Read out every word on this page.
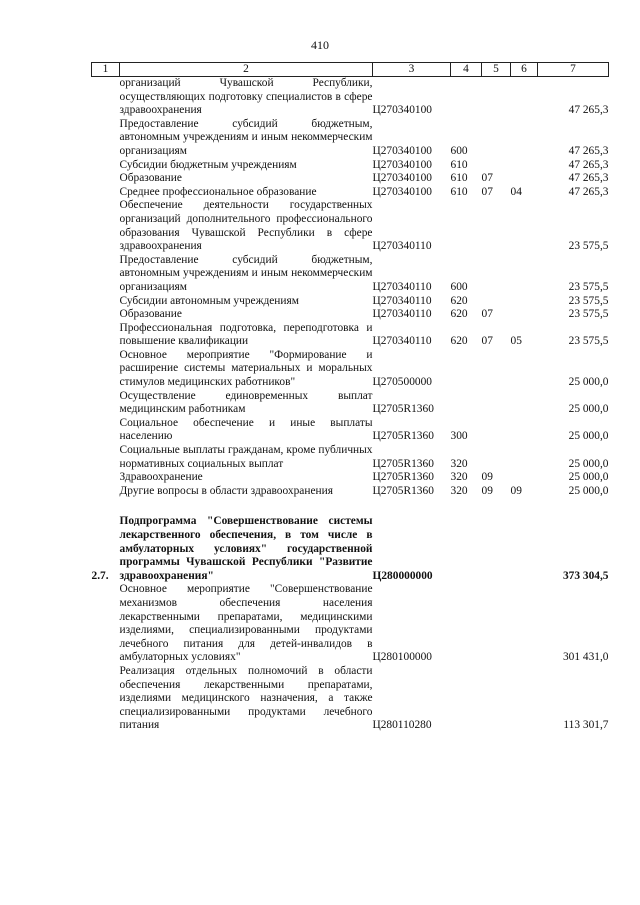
410
1	2	3	4	5	6	7

	организаций Чувашской Республики, осуществляющих подготовку специалистов в сфере здравоохранения	Ц270340100				47 265,3

	Предоставление субсидий бюджетным, автономным учреждениям и иным некоммерческим организациям	Ц270340100	600			47 265,3

	Субсидии бюджетным учреждениям	Ц270340100	610			47 265,3

	Образование	Ц270340100	610	07		47 265,3

	Среднее профессиональное образование	Ц270340100	610	07	04	47 265,3

	Обеспечение деятельности государственных организаций дополнительного профессионального образования Чувашской Республики в сфере здравоохранения	Ц270340110				23 575,5

	Предоставление субсидий бюджетным, автономным учреждениям и иным некоммерческим организациям	Ц270340110	600			23 575,5

	Субсидии автономным учреждениям	Ц270340110	620			23 575,5

	Образование	Ц270340110	620	07		23 575,5

	Профессиональная подготовка, переподготовка и повышение квалификации	Ц270340110	620	07	05	23 575,5

	Основное мероприятие "Формирование и расширение системы материальных и моральных стимулов медицинских работников"	Ц270500000				25 000,0

	Осуществление единовременных выплат медицинским работникам	Ц2705R1360				25 000,0

	Социальное обеспечение и иные выплаты населению	Ц2705R1360	300			25 000,0

	Социальные выплаты гражданам, кроме публичных нормативных социальных выплат	Ц2705R1360	320			25 000,0

	Здравоохранение	Ц2705R1360	320	09		25 000,0

	Другие вопросы в области здравоохранения	Ц2705R1360	320	09	09	25 000,0

2.7.	Подпрограмма "Совершенствование системы лекарственного обеспечения, в том числе в амбулаторных условиях" государственной программы Чувашской Республики "Развитие здравоохранения"	Ц280000000				373 304,5

	Основное мероприятие "Совершенствование механизмов обеспечения населения лекарственными препаратами, медицинскими изделиями, специализированными продуктами лечебного питания для детей-инвалидов в амбулаторных условиях"	Ц280100000				301 431,0

	Реализация отдельных полномочий в области обеспечения лекарственными препаратами, изделиями медицинского назначения, а также специализированными продуктами лечебного питания	Ц280110280				113 301,7
